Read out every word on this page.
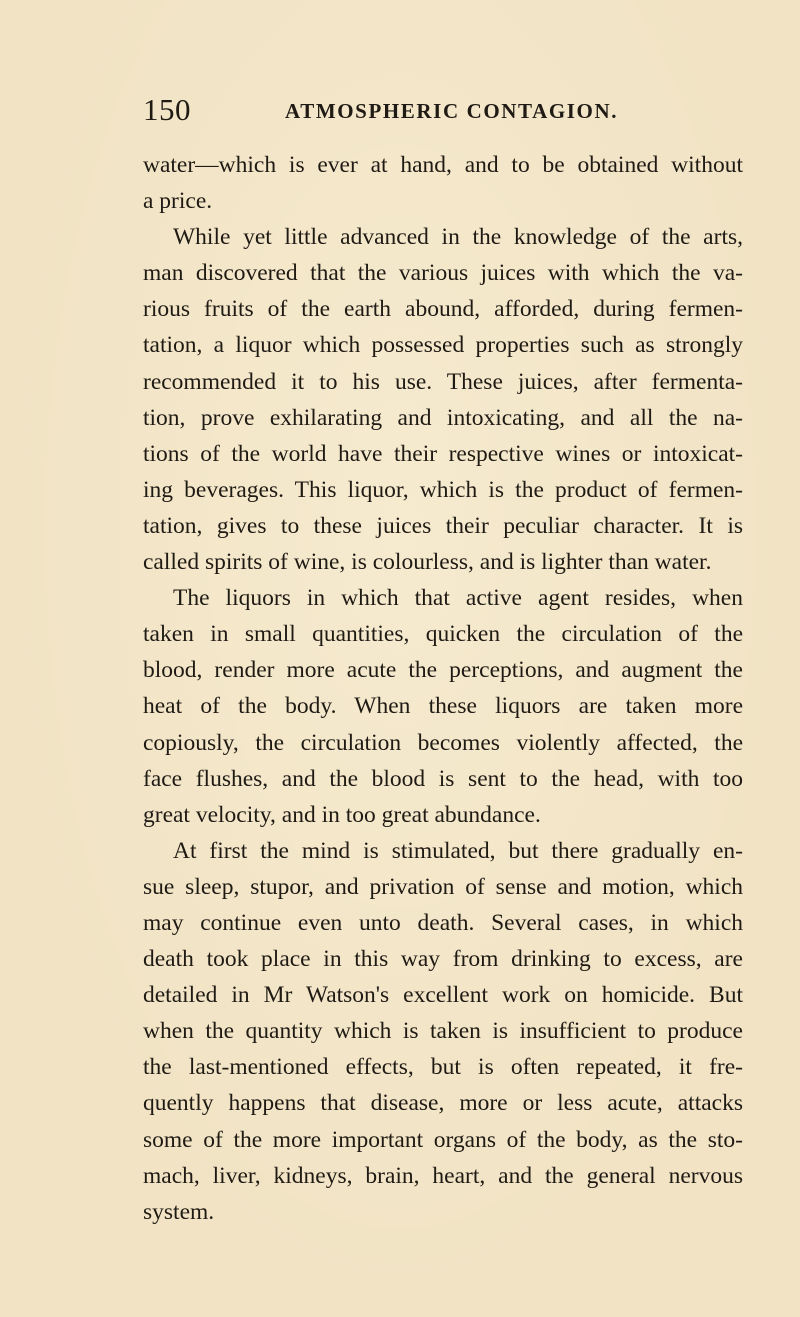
150	ATMOSPHERIC CONTAGION.
water—which is ever at hand, and to be obtained without
a price.
While yet little advanced in the knowledge of the arts,
man discovered that the various juices with which the va-
rious fruits of the earth abound, afforded, during fermen-
tation, a liquor which possessed properties such as strongly
recommended it to his use. These juices, after fermenta-
tion, prove exhilarating and intoxicating, and all the na-
tions of the world have their respective wines or intoxicat-
ing beverages. This liquor, which is the product of fermen-
tation, gives to these juices their peculiar character. It is
called spirits of wine, is colourless, and is lighter than water.
The liquors in which that active agent resides, when
taken in small quantities, quicken the circulation of the
blood, render more acute the perceptions, and augment the
heat of the body. When these liquors are taken more
copiously, the circulation becomes violently affected, the
face flushes, and the blood is sent to the head, with too
great velocity, and in too great abundance.
At first the mind is stimulated, but there gradually en-
sue sleep, stupor, and privation of sense and motion, which
may continue even unto death. Several cases, in which
death took place in this way from drinking to excess, are
detailed in Mr Watson's excellent work on homicide. But
when the quantity which is taken is insufficient to produce
the last-mentioned effects, but is often repeated, it fre-
quently happens that disease, more or less acute, attacks
some of the more important organs of the body, as the sto-
mach, liver, kidneys, brain, heart, and the general nervous
system.
